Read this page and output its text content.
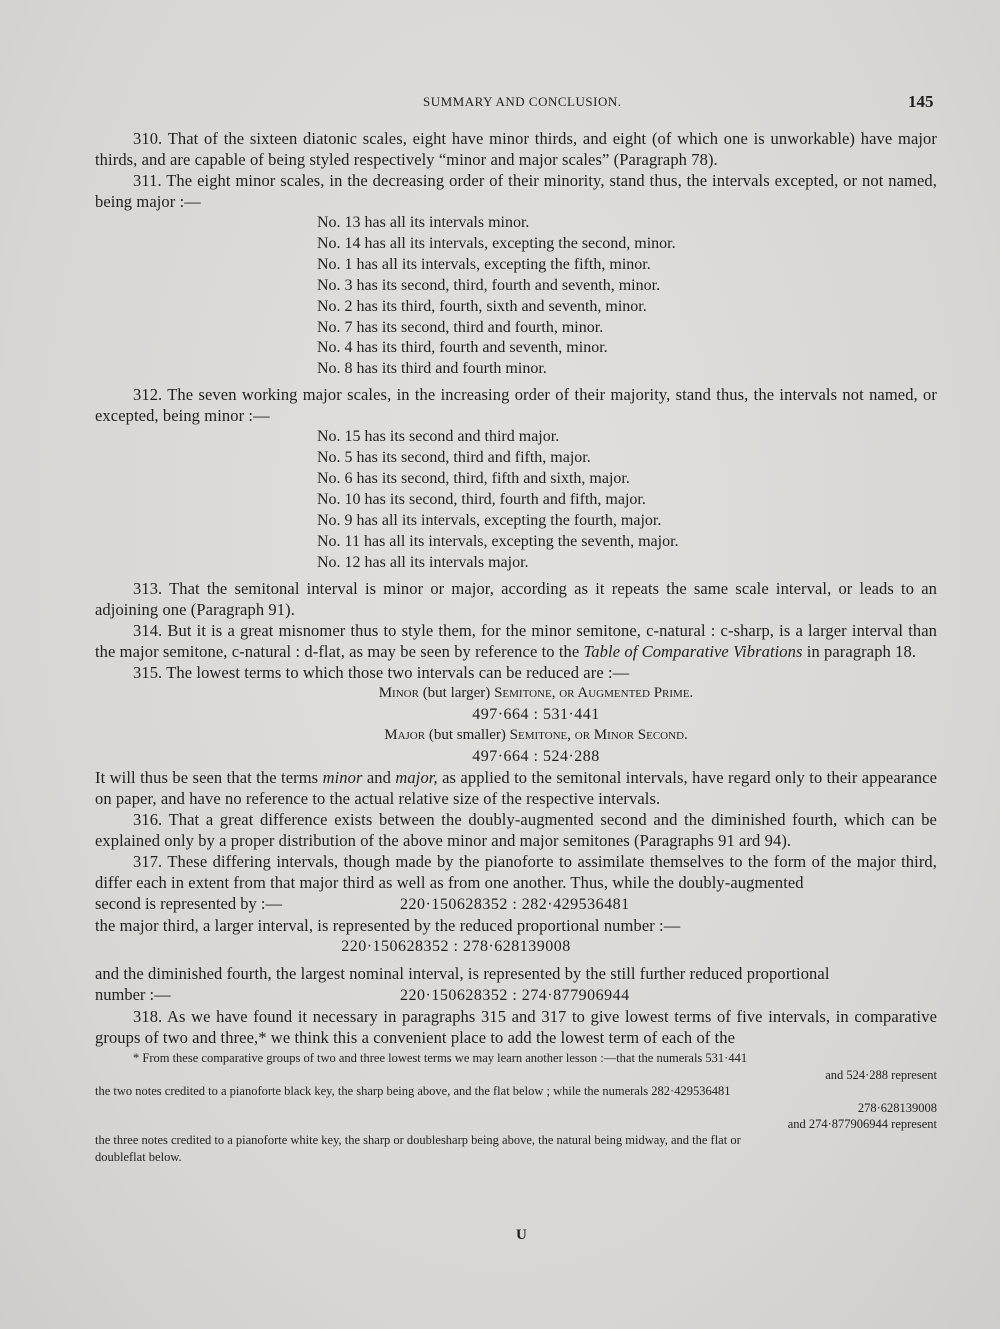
SUMMARY AND CONCLUSION.	145

310. That of the sixteen diatonic scales, eight have minor thirds, and eight (of which one is unworkable) have major thirds, and are capable of being styled respectively “minor and major scales” (Paragraph 78).

311. The eight minor scales, in the decreasing order of their minority, stand thus, the intervals excepted, or not named, being major :—

No. 13 has all its intervals minor.
No. 14 has all its intervals, excepting the second, minor.
No. 1 has all its intervals, excepting the fifth, minor.
No. 3 has its second, third, fourth and seventh, minor.
No. 2 has its third, fourth, sixth and seventh, minor.
No. 7 has its second, third and fourth, minor.
No. 4 has its third, fourth and seventh, minor.
No. 8 has its third and fourth minor.

312. The seven working major scales, in the increasing order of their majority, stand thus, the intervals not named, or excepted, being minor :—

No. 15 has its second and third major.
No. 5 has its second, third and fifth, major.
No. 6 has its second, third, fifth and sixth, major.
No. 10 has its second, third, fourth and fifth, major.
No. 9 has all its intervals, excepting the fourth, major.
No. 11 has all its intervals, excepting the seventh, major.
No. 12 has all its intervals major.

313. That the semitonal interval is minor or major, according as it repeats the same scale interval, or leads to an adjoining one (Paragraph 91).

314. But it is a great misnomer thus to style them, for the minor semitone, c-natural : c-sharp, is a larger interval than the major semitone, c-natural : d-flat, as may be seen by reference to the Table of Comparative Vibrations in paragraph 18.

315. The lowest terms to which those two intervals can be reduced are :—

Minor (but larger) Semitone, or Augmented Prime.
497·664 : 531·441
Major (but smaller) Semitone, or Minor Second.
497·664 : 524·288

It will thus be seen that the terms minor and major, as applied to the semitonal intervals, have regard only to their appearance on paper, and have no reference to the actual relative size of the respective intervals.

316. That a great difference exists between the doubly-augmented second and the diminished fourth, which can be explained only by a proper distribution of the above minor and major semitones (Paragraphs 91 ard 94).

317. These differing intervals, though made by the pianoforte to assimilate themselves to the form of the major third, differ each in extent from that major third as well as from one another. Thus, while the doubly-augmented

second is represented by :—	220·150628352 : 282·429536481

the major third, a larger interval, is represented by the reduced proportional number :—

220·150628352 : 278·628139008

and the diminished fourth, the largest nominal interval, is represented by the still further reduced proportional

number :—	220·150628352 : 274·877906944

318. As we have found it necessary in paragraphs 315 and 317 to give lowest terms of five intervals, in comparative groups of two and three,* we think this a convenient place to add the lowest term of each of the

* From these comparative groups of two and three lowest terms we may learn another lesson :—that the numerals 531·441

and 524·288 represent

the two notes credited to a pianoforte black key, the sharp being above, and the flat below ; while the numerals 282·429536481

278·628139008
and 274·877906944 represent

the three notes credited to a pianoforte white key, the sharp or doublesharp being above, the natural being midway, and the flat or

doubleflat below.

U
